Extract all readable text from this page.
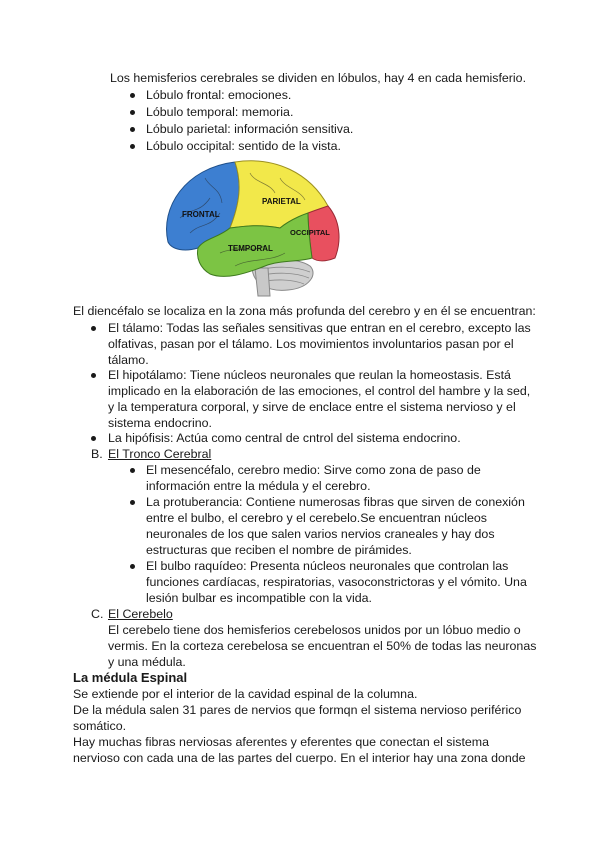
Los hemisferios cerebrales se dividen en lóbulos, hay 4 en cada hemisferio.
Lóbulo frontal: emociones.
Lóbulo temporal: memoria.
Lóbulo parietal: información sensitiva.
Lóbulo occipital: sentido de la vista.
FRONTAL
PARIETAL
TEMPORAL
OCCIPITAL
El diencéfalo se localiza en la zona más profunda del cerebro y en él se encuentran:
El tálamo: Todas las señales sensitivas que entran en el cerebro, excepto las
olfativas, pasan por el tálamo. Los movimientos involuntarios pasan por el
tálamo.
El hipotálamo: Tiene núcleos neuronales que reulan la homeostasis. Está
implicado en la elaboración de las emociones, el control del hambre y la sed,
y la temperatura corporal, y sirve de enclace entre el sistema nervioso y el
sistema endocrino.
La hipófisis: Actúa como central de cntrol del sistema endocrino.
B. El Tronco Cerebral
El mesencéfalo, cerebro medio: Sirve como zona de paso de
información entre la médula y el cerebro.
La protuberancia: Contiene numerosas fibras que sirven de conexión
entre el bulbo, el cerebro y el cerebelo.Se encuentran núcleos
neuronales de los que salen varios nervios craneales y hay dos
estructuras que reciben el nombre de pirámides.
El bulbo raquídeo: Presenta núcleos neuronales que controlan las
funciones cardíacas, respiratorias, vasoconstrictoras y el vómito. Una
lesión bulbar es incompatible con la vida.
C. El Cerebelo
El cerebelo tiene dos hemisferios cerebelosos unidos por un lóbuo medio o
vermis. En la corteza cerebelosa se encuentran el 50% de todas las neuronas
y una médula.
La médula Espinal
Se extiende por el interior de la cavidad espinal de la columna.
De la médula salen 31 pares de nervios que formqn el sistema nervioso periférico
somático.
Hay muchas fibras nerviosas aferentes y eferentes que conectan el sistema
nervioso con cada una de las partes del cuerpo. En el interior hay una zona donde
